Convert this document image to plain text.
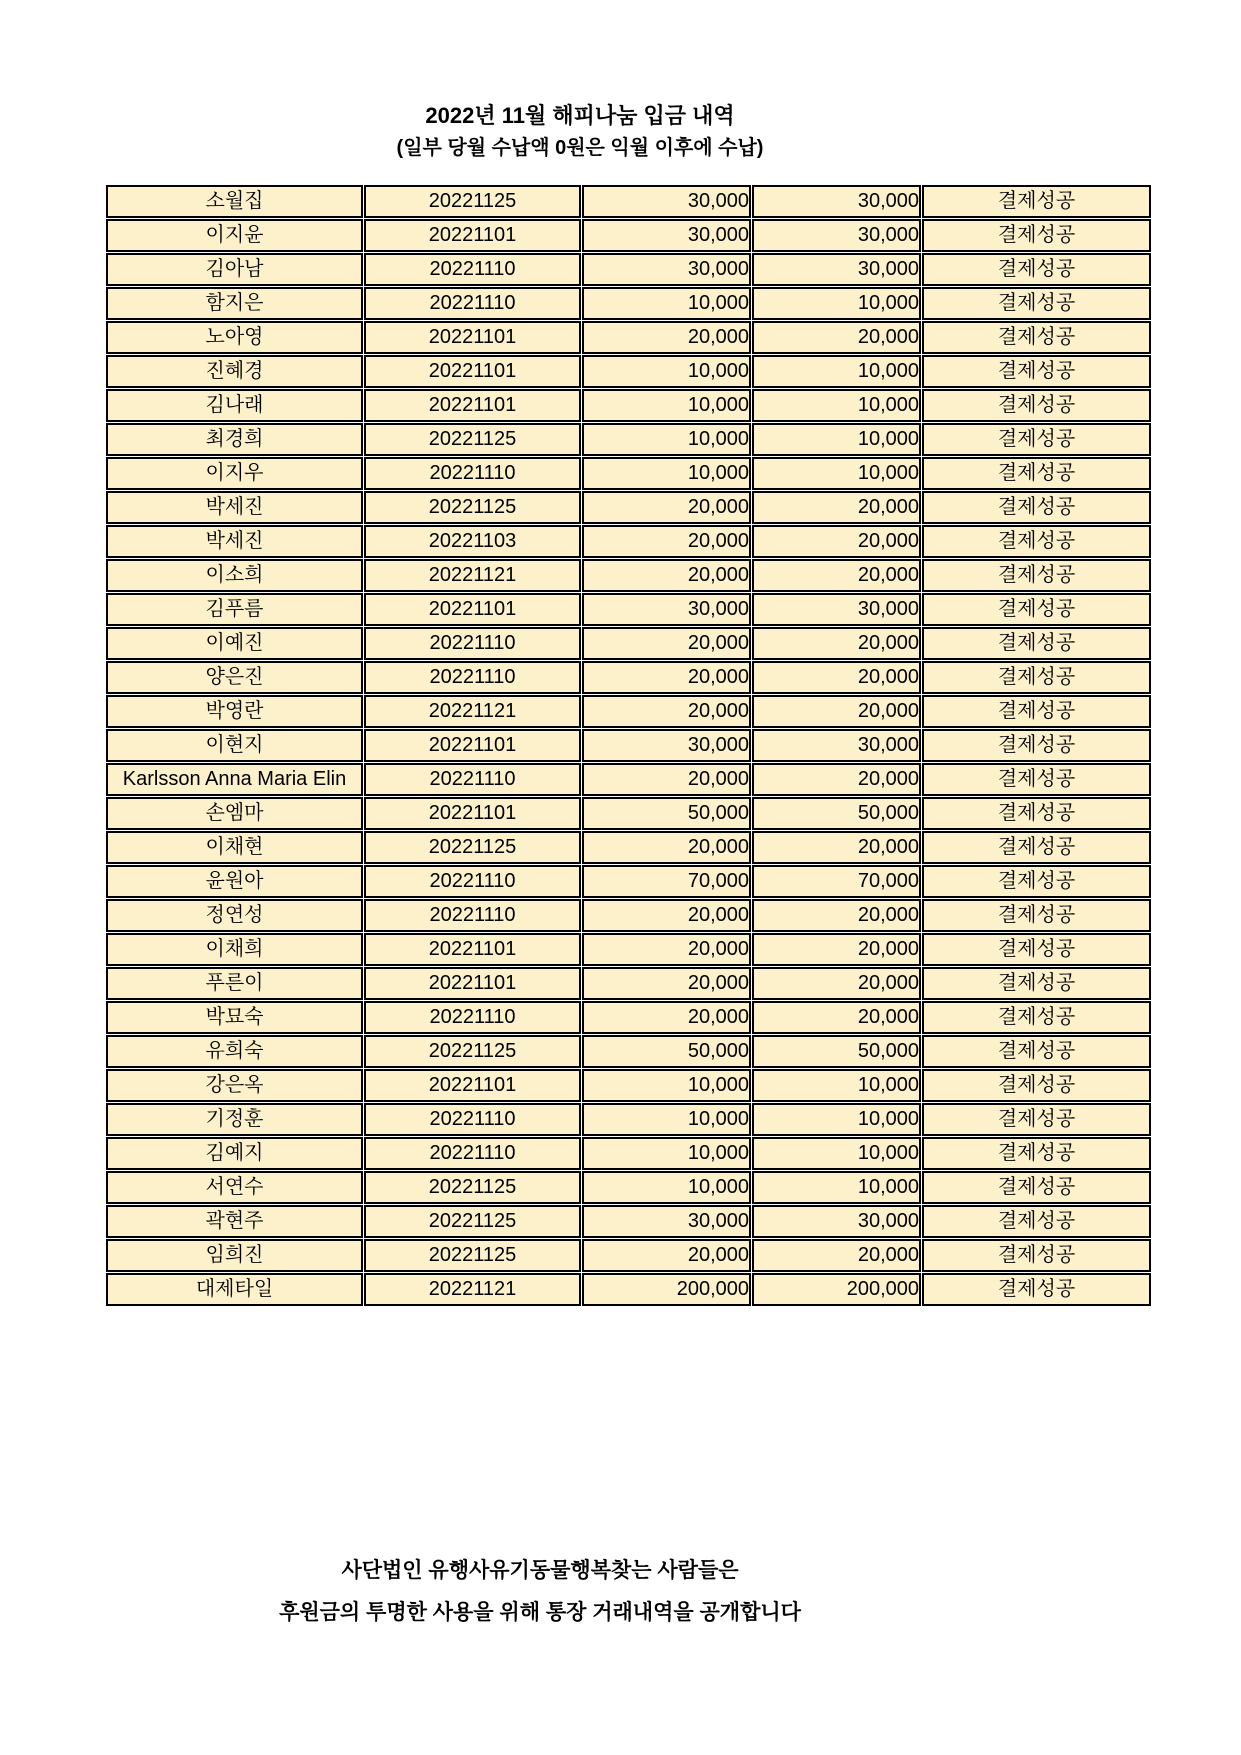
2022년 11월 해피나눔 입금 내역

(일부 당월 수납액 0원은 익월 이후에 수납)

소월집	20221125	30,000	30,000	결제성공
이지윤	20221101	30,000	30,000	결제성공
김아남	20221110	30,000	30,000	결제성공
함지은	20221110	10,000	10,000	결제성공
노아영	20221101	20,000	20,000	결제성공
진혜경	20221101	10,000	10,000	결제성공
김나래	20221101	10,000	10,000	결제성공
최경희	20221125	10,000	10,000	결제성공
이지우	20221110	10,000	10,000	결제성공
박세진	20221125	20,000	20,000	결제성공
박세진	20221103	20,000	20,000	결제성공
이소희	20221121	20,000	20,000	결제성공
김푸름	20221101	30,000	30,000	결제성공
이예진	20221110	20,000	20,000	결제성공
양은진	20221110	20,000	20,000	결제성공
박영란	20221121	20,000	20,000	결제성공
이현지	20221101	30,000	30,000	결제성공
Karlsson Anna Maria Elin	20221110	20,000	20,000	결제성공
손엠마	20221101	50,000	50,000	결제성공
이채현	20221125	20,000	20,000	결제성공
윤원아	20221110	70,000	70,000	결제성공
정연성	20221110	20,000	20,000	결제성공
이채희	20221101	20,000	20,000	결제성공
푸른이	20221101	20,000	20,000	결제성공
박묘숙	20221110	20,000	20,000	결제성공
유희숙	20221125	50,000	50,000	결제성공
강은옥	20221101	10,000	10,000	결제성공
기정훈	20221110	10,000	10,000	결제성공
김예지	20221110	10,000	10,000	결제성공
서연수	20221125	10,000	10,000	결제성공
곽현주	20221125	30,000	30,000	결제성공
임희진	20221125	20,000	20,000	결제성공
대제타일	20221121	200,000	200,000	결제성공

사단법인 유행사유기동물행복찾는 사람들은

후원금의 투명한 사용을 위해 통장 거래내역을 공개합니다
